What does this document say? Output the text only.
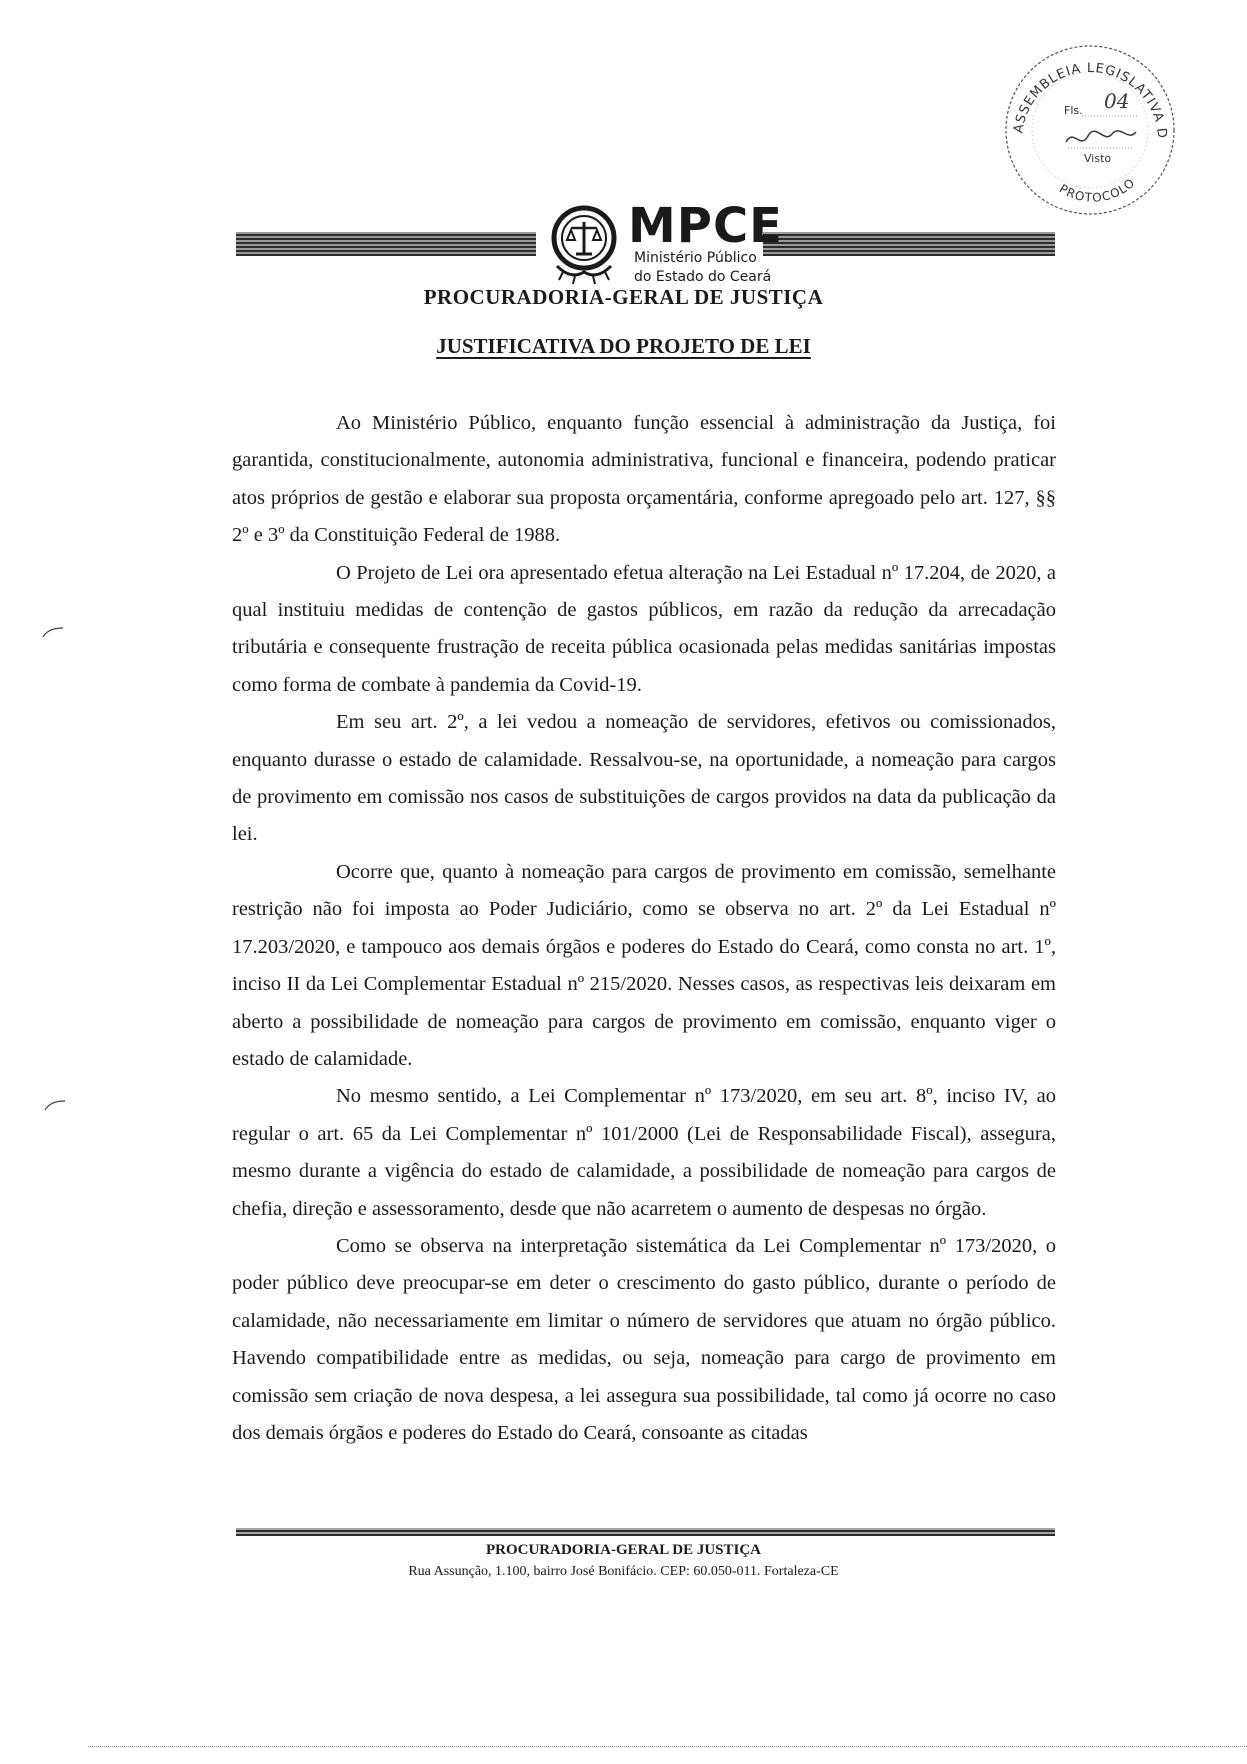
ASSEMBLEIA LEGISLATIVA D
PROTOCOLO
Fls. 04
Visto
MPCE
Ministério Público
do Estado do Ceará
PROCURADORIA-GERAL DE JUSTIÇA
JUSTIFICATIVA DO PROJETO DE LEI

Ao Ministério Público, enquanto função essencial à administração da Justiça, foi garantida, constitucionalmente, autonomia administrativa, funcional e financeira, podendo praticar atos próprios de gestão e elaborar sua proposta orçamentária, conforme apregoado pelo art. 127, §§ 2º e 3º da Constituição Federal de 1988.

O Projeto de Lei ora apresentado efetua alteração na Lei Estadual nº 17.204, de 2020, a qual instituiu medidas de contenção de gastos públicos, em razão da redução da arrecadação tributária e consequente frustração de receita pública ocasionada pelas medidas sanitárias impostas como forma de combate à pandemia da Covid-19.

Em seu art. 2º, a lei vedou a nomeação de servidores, efetivos ou comissionados, enquanto durasse o estado de calamidade. Ressalvou-se, na oportunidade, a nomeação para cargos de provimento em comissão nos casos de substituições de cargos providos na data da publicação da lei.

Ocorre que, quanto à nomeação para cargos de provimento em comissão, semelhante restrição não foi imposta ao Poder Judiciário, como se observa no art. 2º da Lei Estadual nº 17.203/2020, e tampouco aos demais órgãos e poderes do Estado do Ceará, como consta no art. 1º, inciso II da Lei Complementar Estadual nº 215/2020. Nesses casos, as respectivas leis deixaram em aberto a possibilidade de nomeação para cargos de provimento em comissão, enquanto viger o estado de calamidade.

No mesmo sentido, a Lei Complementar nº 173/2020, em seu art. 8º, inciso IV, ao regular o art. 65 da Lei Complementar nº 101/2000 (Lei de Responsabilidade Fiscal), assegura, mesmo durante a vigência do estado de calamidade, a possibilidade de nomeação para cargos de chefia, direção e assessoramento, desde que não acarretem o aumento de despesas no órgão.

Como se observa na interpretação sistemática da Lei Complementar nº 173/2020, o poder público deve preocupar-se em deter o crescimento do gasto público, durante o período de calamidade, não necessariamente em limitar o número de servidores que atuam no órgão público. Havendo compatibilidade entre as medidas, ou seja, nomeação para cargo de provimento em comissão sem criação de nova despesa, a lei assegura sua possibilidade, tal como já ocorre no caso dos demais órgãos e poderes do Estado do Ceará, consoante as citadas

PROCURADORIA-GERAL DE JUSTIÇA
Rua Assunção, 1.100, bairro José Bonifácio. CEP: 60.050-011. Fortaleza-CE
